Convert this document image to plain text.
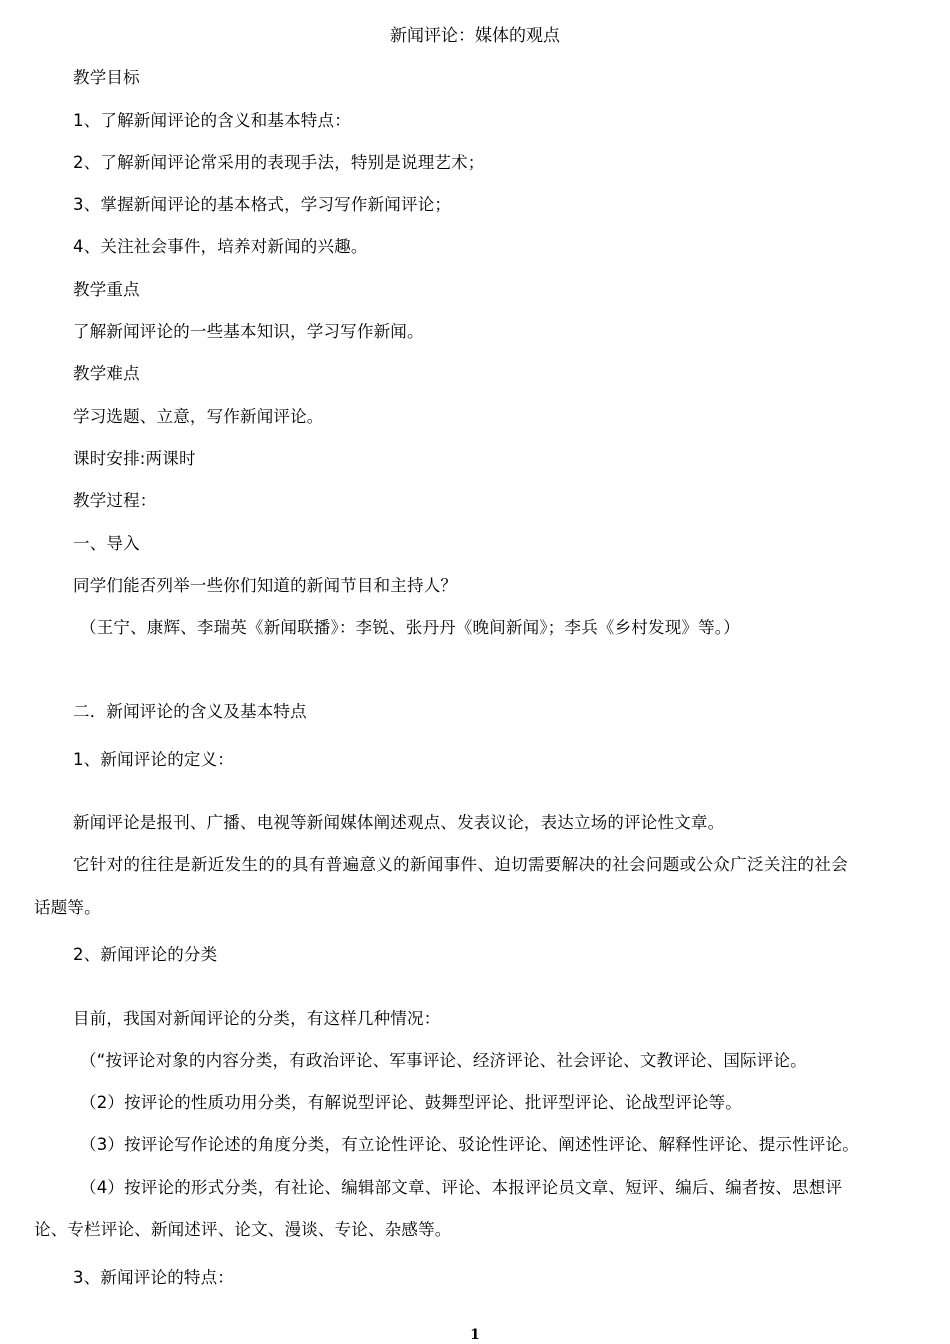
新闻评论：媒体的观点
教学目标
1、了解新闻评论的含义和基本特点：
2、了解新闻评论常采用的表现手法，特别是说理艺术；
3、掌握新闻评论的基本格式，学习写作新闻评论；
4、关注社会事件，培养对新闻的兴趣。
教学重点
了解新闻评论的一些基本知识，学习写作新闻。
教学难点
学习选题、立意，写作新闻评论。
课时安排:两课时
教学过程：
一、导入
同学们能否列举一些你们知道的新闻节目和主持人？
（王宁、康辉、李瑞英《新闻联播》：李锐、张丹丹《晚间新闻》；李兵《乡村发现》等。）
二．新闻评论的含义及基本特点
1、新闻评论的定义：
新闻评论是报刊、广播、电视等新闻媒体阐述观点、发表议论，表达立场的评论性文章。
它针对的往往是新近发生的的具有普遍意义的新闻事件、迫切需要解决的社会问题或公众广泛关注的社会
话题等。
2、新闻评论的分类
目前，我国对新闻评论的分类，有这样几种情况：
（“按评论对象的内容分类，有政治评论、军事评论、经济评论、社会评论、文教评论、国际评论。
（2）按评论的性质功用分类，有解说型评论、鼓舞型评论、批评型评论、论战型评论等。
（3）按评论写作论述的角度分类，有立论性评论、驳论性评论、阐述性评论、解释性评论、提示性评论。
（4）按评论的形式分类，有社论、编辑部文章、评论、本报评论员文章、短评、编后、编者按、思想评
论、专栏评论、新闻述评、论文、漫谈、专论、杂感等。
3、新闻评论的特点：
1
